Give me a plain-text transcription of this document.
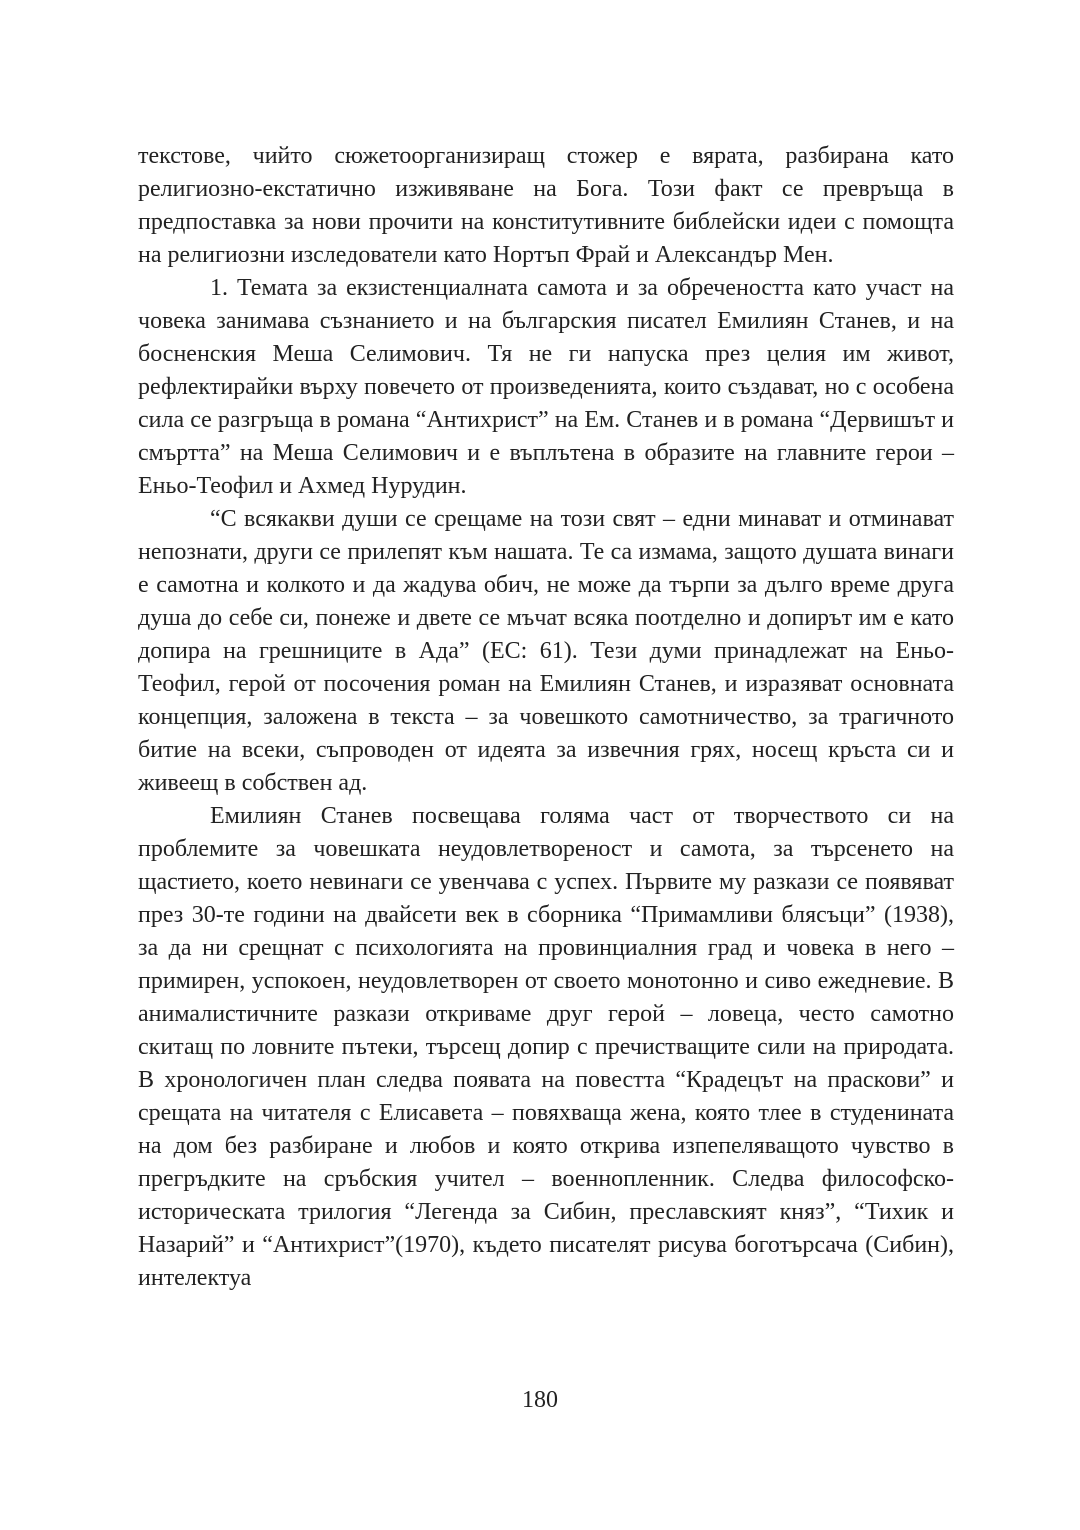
текстове, чийто сюжетоорганизиращ стожер е вярата, разбирана като религиозно-екстатично изживяване на Бога. Този факт се превръща в предпоставка за нови прочити на конститутивните библейски идеи с помощта на религиозни изследователи като Нортъп Фрай и Александър Мен.

1. Темата за екзистенциалната самота и за обречеността като участ на човека занимава съзнанието и на българския писател Емилиян Станев, и на босненския Меша Селимович. Тя не ги напуска през целия им живот, рефлектирайки върху повечето от произведенията, които създават, но с особена сила се разгръща в романа “Антихрист” на Ем. Станев и в романа “Дервишът и смъртта” на Меша Селимович и е въплътена в образите на главните герои – Еньо-Теофил и Ахмед Нурудин.

“С всякакви души се срещаме на този свят – едни минават и отминават непознати, други се прилепят към нашата. Те са измама, защото душата винаги е самотна и колкото и да жадува обич, не може да търпи за дълго време друга душа до себе си, понеже и двете се мъчат всяка поотделно и допирът им е като допира на грешниците в Ада” (ЕС: 61). Тези думи принадлежат на Еньо-Теофил, герой от посочения роман на Емилиян Станев, и изразяват основната концепция, заложена в текста – за човешкото самотничество, за трагичното битие на всеки, съпроводен от идеята за извечния грях, носещ кръста си и живеещ в собствен ад.

Емилиян Станев посвещава голяма част от творчеството си на проблемите за човешката неудовлетвореност и самота, за търсенето на щастието, което невинаги се увенчава с успех. Първите му разкази се появяват през 30-те години на двайсети век в сборника “Примамливи блясъци” (1938), за да ни срещнат с психологията на провинциалния град и човека в него – примирен, успокоен, неудовлетворен от своето монотонно и сиво ежедневие. В анималистичните разкази откриваме друг герой – ловеца, често самотно скитащ по ловните пътеки, търсещ допир с пречистващите сили на природата. В хронологичен план следва появата на повестта “Крадецът на праскови” и срещата на читателя с Елисавета – повяхваща жена, която тлее в студенината на дом без разбиране и любов и която открива изпепеляващото чувство в прегръдките на сръбския учител – военнопленник. Следва философско-историческата трилогия “Легенда за Сибин, преславският княз”, “Тихик и Назарий” и “Антихрист”(1970), където писателят рисува боготърсача (Сибин), интелектуа

180
